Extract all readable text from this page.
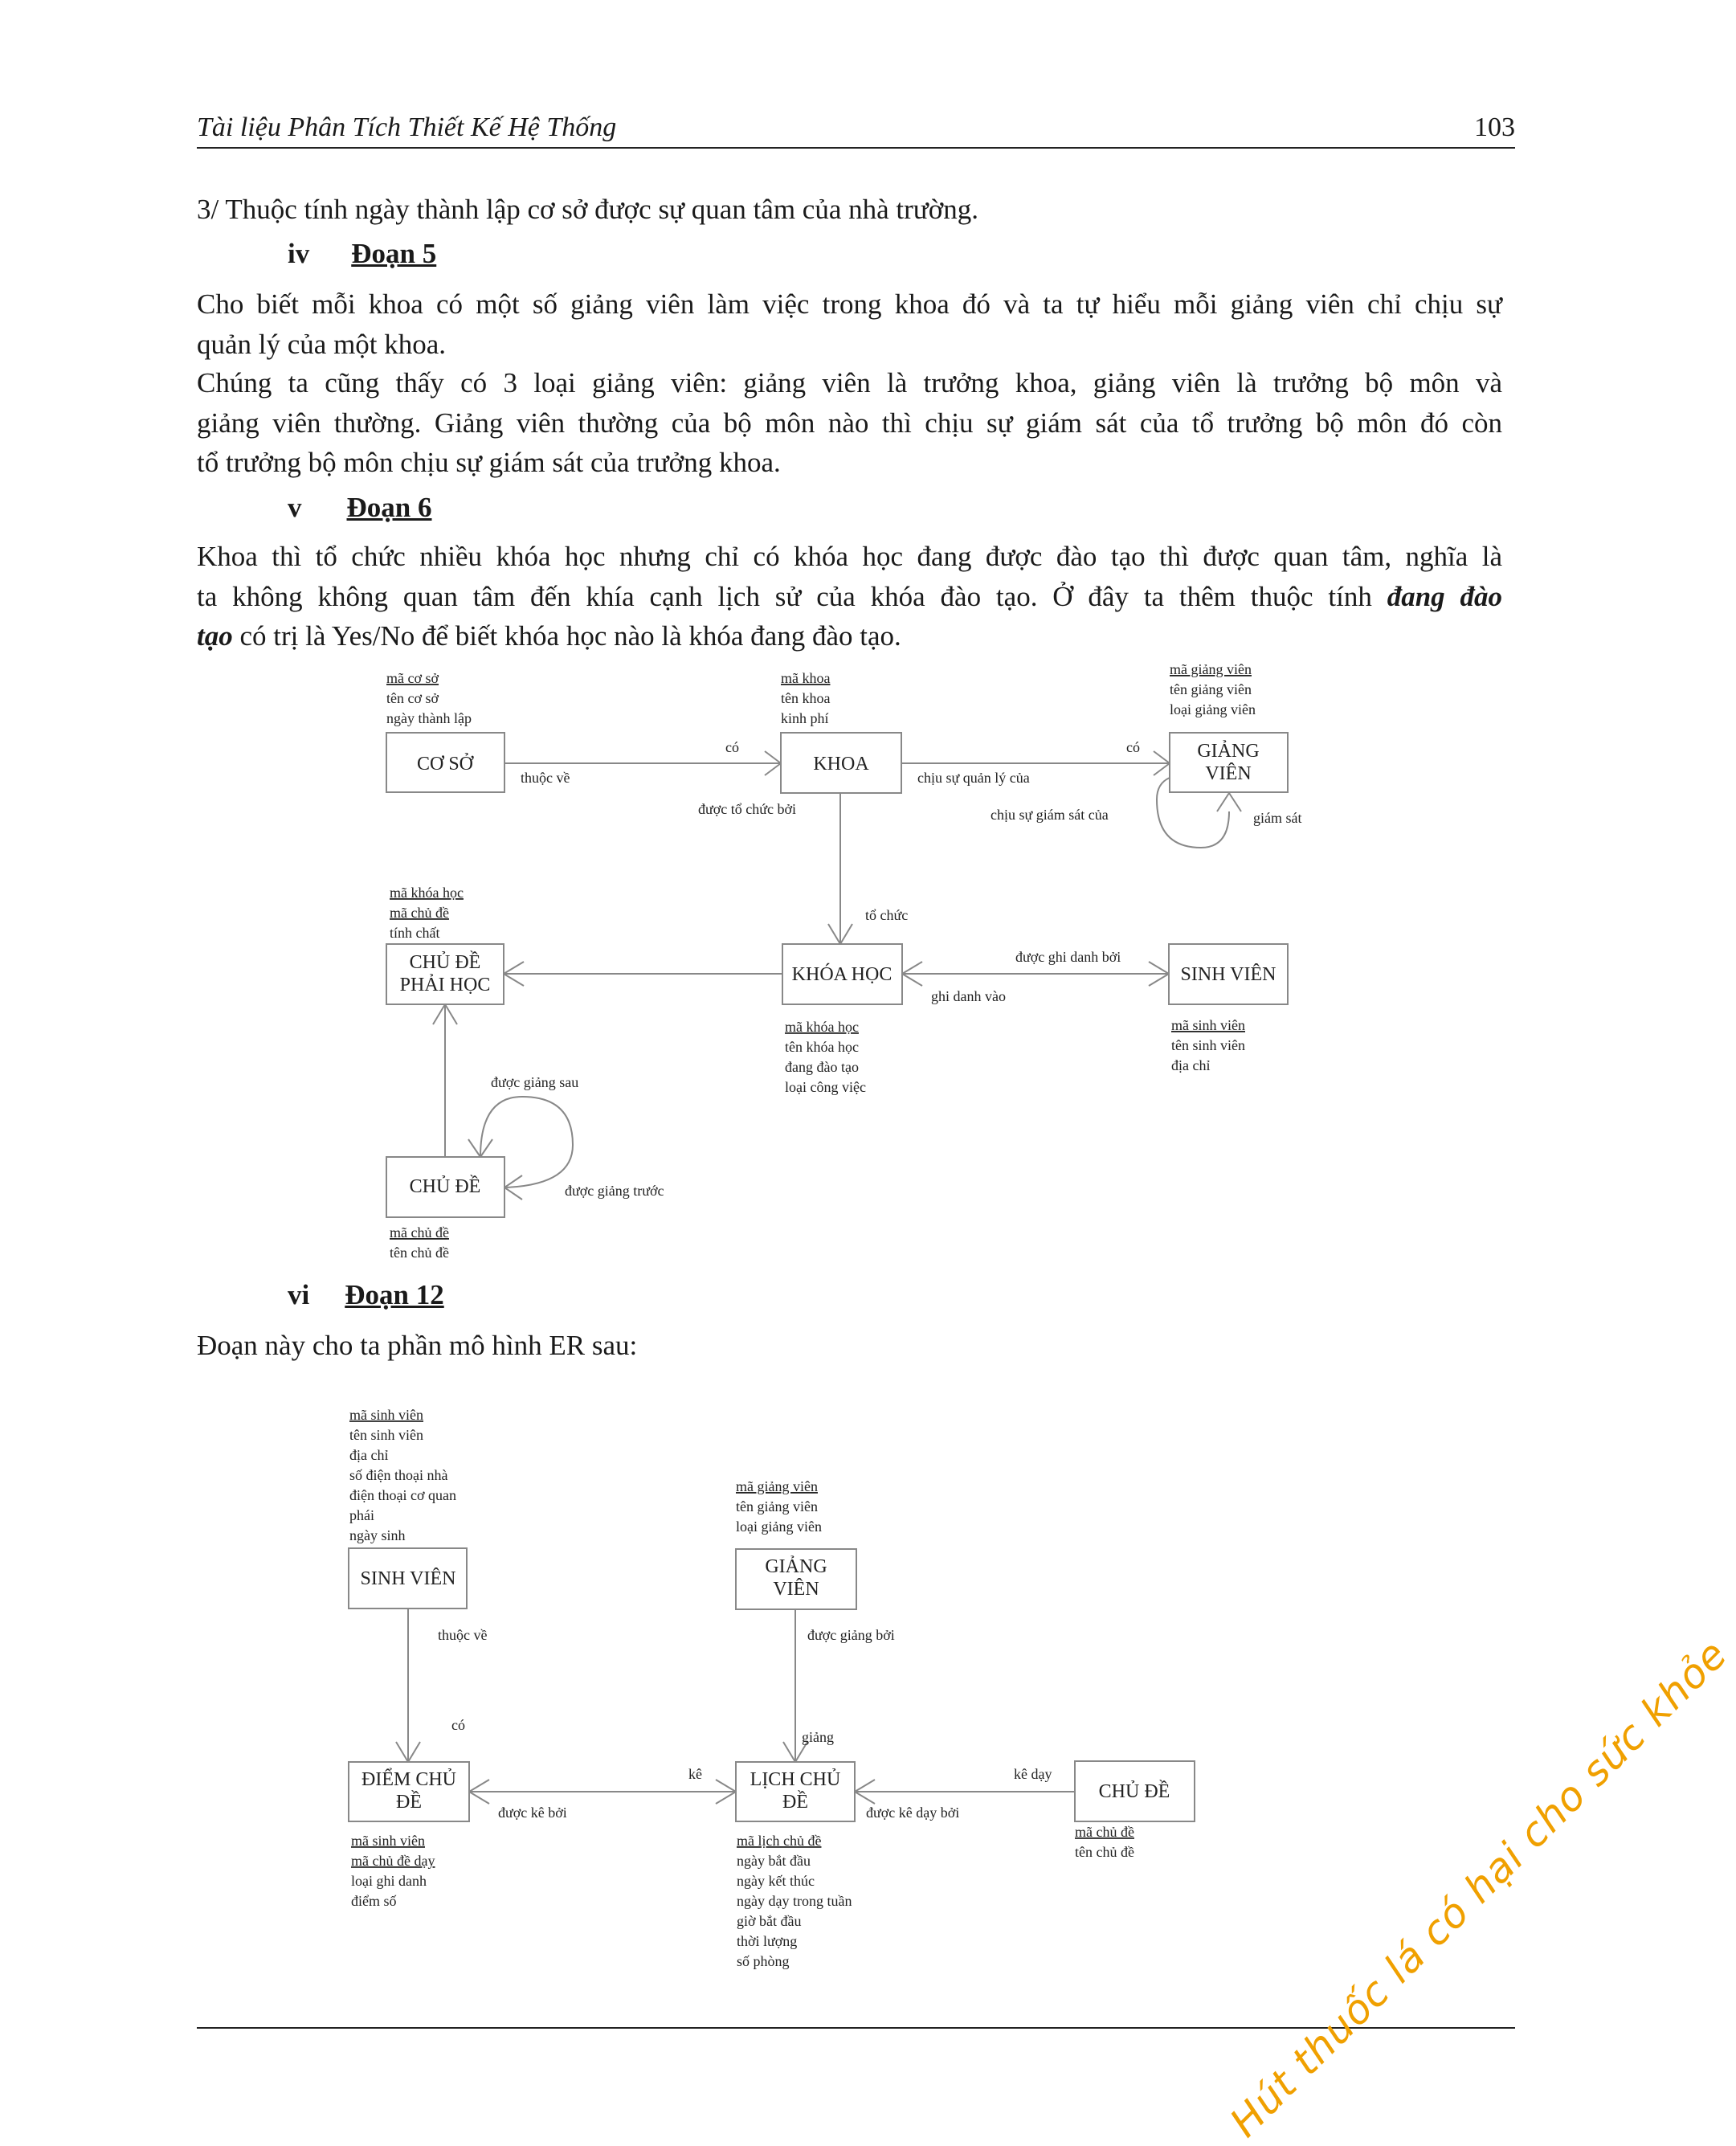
Tài liệu Phân Tích Thiết Kế Hệ Thống	103
3/ Thuộc tính ngày thành lập cơ sở được sự quan tâm của nhà trường.
iv Đoạn 5
Cho biết mỗi khoa có một số giảng viên làm việc trong khoa đó và ta tự hiểu mỗi giảng viên chỉ chịu sự
quản lý của một khoa.
Chúng ta cũng thấy có 3 loại giảng viên: giảng viên là trưởng khoa, giảng viên là trưởng bộ môn và
giảng viên thường. Giảng viên thường của bộ môn nào thì chịu sự giám sát của tổ trưởng bộ môn đó còn
tổ trưởng bộ môn chịu sự giám sát của trưởng khoa.
v Đoạn 6
Khoa thì tổ chức nhiều khóa học nhưng chỉ có khóa học đang được đào tạo thì được quan tâm, nghĩa là
ta không không quan tâm đến khía cạnh lịch sử của khóa đào tạo. Ở đây ta thêm thuộc tính đang đào
tạo có trị là Yes/No để biết khóa học nào là khóa đang đào tạo.
CƠ SỞ	KHOA
GIẢNG
VIÊN
CHỦ ĐỀ
PHẢI HỌC	KHÓA HỌC	SINH VIÊN
CHỦ ĐỀ
mã cơ sở
tên cơ sở
ngày thành lập
mã khoa
tên khoa
kinh phí
mã giảng viên
tên giảng viên
loại giảng viên
mã khóa học
mã chủ đề
tính chất
mã khóa học
tên khóa học
đang đào tạo
loại công việc
mã sinh viên
tên sinh viên
địa chỉ
mã chủ đề
tên chủ đề
có
thuộc về
có
chịu sự quản lý của
được tổ chức bởi	chịu sự giám sát của	giám sát
tổ chức
được ghi danh bởi
ghi danh vào
được giảng sau
được giảng trước
vi Đoạn 12
Đoạn này cho ta phần mô hình ER sau:
SINH VIÊN
GIẢNG
VIÊN
ĐIỂM CHỦ
ĐỀ
LỊCH CHỦ
ĐỀ	CHỦ ĐỀ
mã sinh viên
tên sinh viên
địa chỉ
số điện thoại nhà
điện thoại cơ quan
phái
ngày sinh
mã giảng viên
tên giảng viên
loại giảng viên
mã sinh viên
mã chủ đề dạy
loại ghi danh
điểm số
mã lịch chủ đề
ngày bắt đầu
ngày kết thúc
ngày dạy trong tuần
giờ bắt đầu
thời lượng
số phòng
mã chủ đề
tên chủ đề
thuộc về
có
được giảng bởi
giảng
kê
được kê bởi
kê dạy
được kê dạy bởi	Hút thuốc lá có hại cho sức khỏe
